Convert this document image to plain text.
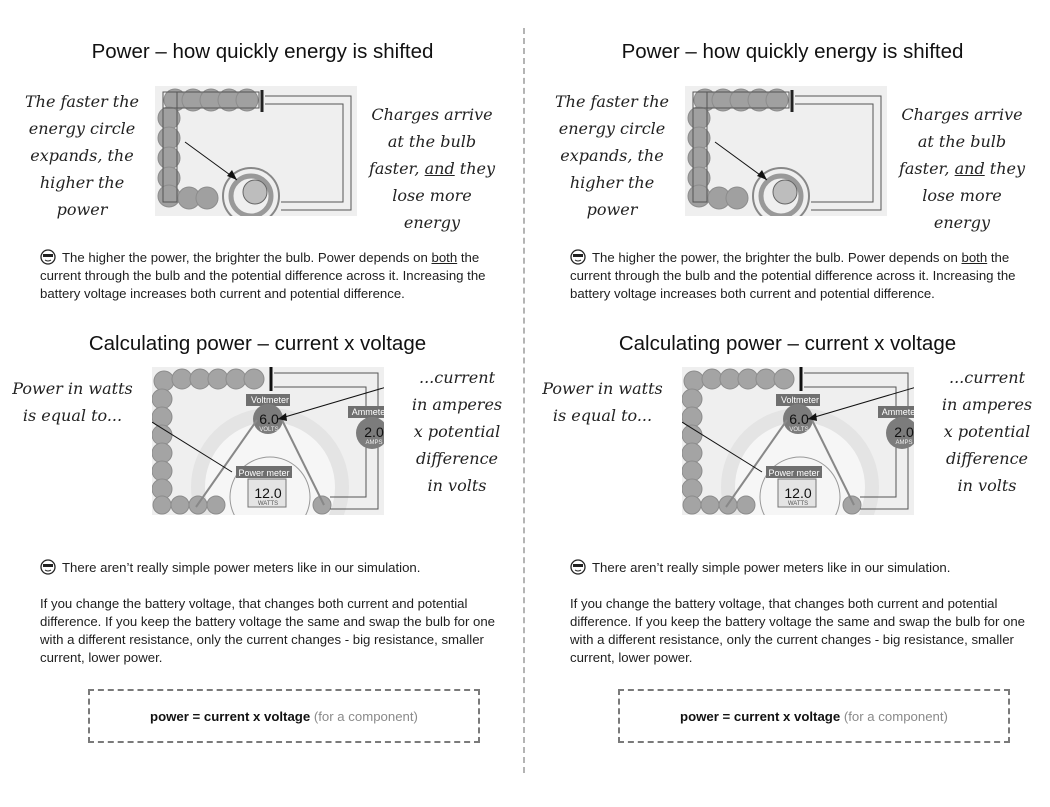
Power – how quickly energy is shifted
The faster the
energy circle
expands, the
higher the power
Charges arrive
at the bulb
faster, and they
lose more energy

The higher the power, the brighter the bulb. Power depends on both the current through the bulb and the potential difference across it. Increasing the battery voltage increases both current and potential difference.

Calculating power – current x voltage
Power in watts
is equal to...
Voltmeter
6.0
VOLTS
Ammeter
2.0
AMPS
Power meter
12.0
WATTS
...current
in amperes
x potential
difference
in volts

There aren’t really simple power meters like in our simulation.

If you change the battery voltage, that changes both current and potential difference. If you keep the battery voltage the same and swap the bulb for one with a different resistance, only the current changes - big resistance, smaller current, lower power.

power = current x voltage (for a component)
Power – how quickly energy is shifted
The faster the
energy circle
expands, the
higher the power
Charges arrive
at the bulb
faster, and they
lose more energy

The higher the power, the brighter the bulb. Power depends on both the current through the bulb and the potential difference across it. Increasing the battery voltage increases both current and potential difference.

Calculating power – current x voltage
Power in watts
is equal to...
Voltmeter
6.0
VOLTS
Ammeter
2.0
AMPS
Power meter
12.0
WATTS
...current
in amperes
x potential
difference
in volts

There aren’t really simple power meters like in our simulation.

If you change the battery voltage, that changes both current and potential difference. If you keep the battery voltage the same and swap the bulb for one with a different resistance, only the current changes - big resistance, smaller current, lower power.

power = current x voltage (for a component)
